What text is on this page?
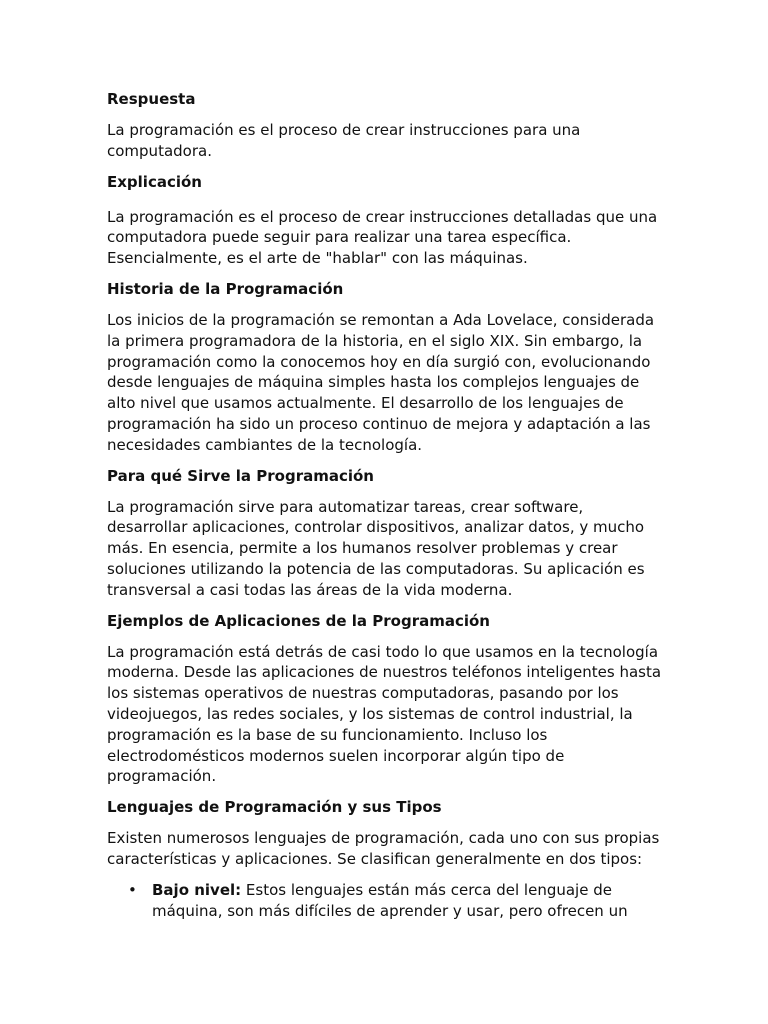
Respuesta

La programación es el proceso de crear instrucciones para una computadora.

Explicación

La programación es el proceso de crear instrucciones detalladas que una computadora puede seguir para realizar una tarea específica. Esencialmente, es el arte de "hablar" con las máquinas.

Historia de la Programación

Los inicios de la programación se remontan a Ada Lovelace, considerada la primera programadora de la historia, en el siglo XIX. Sin embargo, la programación como la conocemos hoy en día surgió con, evolucionando desde lenguajes de máquina simples hasta los complejos lenguajes de alto nivel que usamos actualmente. El desarrollo de los lenguajes de programación ha sido un proceso continuo de mejora y adaptación a las necesidades cambiantes de la tecnología.

Para qué Sirve la Programación

La programación sirve para automatizar tareas, crear software, desarrollar aplicaciones, controlar dispositivos, analizar datos, y mucho más. En esencia, permite a los humanos resolver problemas y crear soluciones utilizando la potencia de las computadoras. Su aplicación es transversal a casi todas las áreas de la vida moderna.

Ejemplos de Aplicaciones de la Programación

La programación está detrás de casi todo lo que usamos en la tecnología moderna. Desde las aplicaciones de nuestros teléfonos inteligentes hasta los sistemas operativos de nuestras computadoras, pasando por los videojuegos, las redes sociales, y los sistemas de control industrial, la programación es la base de su funcionamiento. Incluso los electrodomésticos modernos suelen incorporar algún tipo de programación.

Lenguajes de Programación y sus Tipos

Existen numerosos lenguajes de programación, cada uno con sus propias características y aplicaciones. Se clasifican generalmente en dos tipos:

• Bajo nivel: Estos lenguajes están más cerca del lenguaje de máquina, son más difíciles de aprender y usar, pero ofrecen un
